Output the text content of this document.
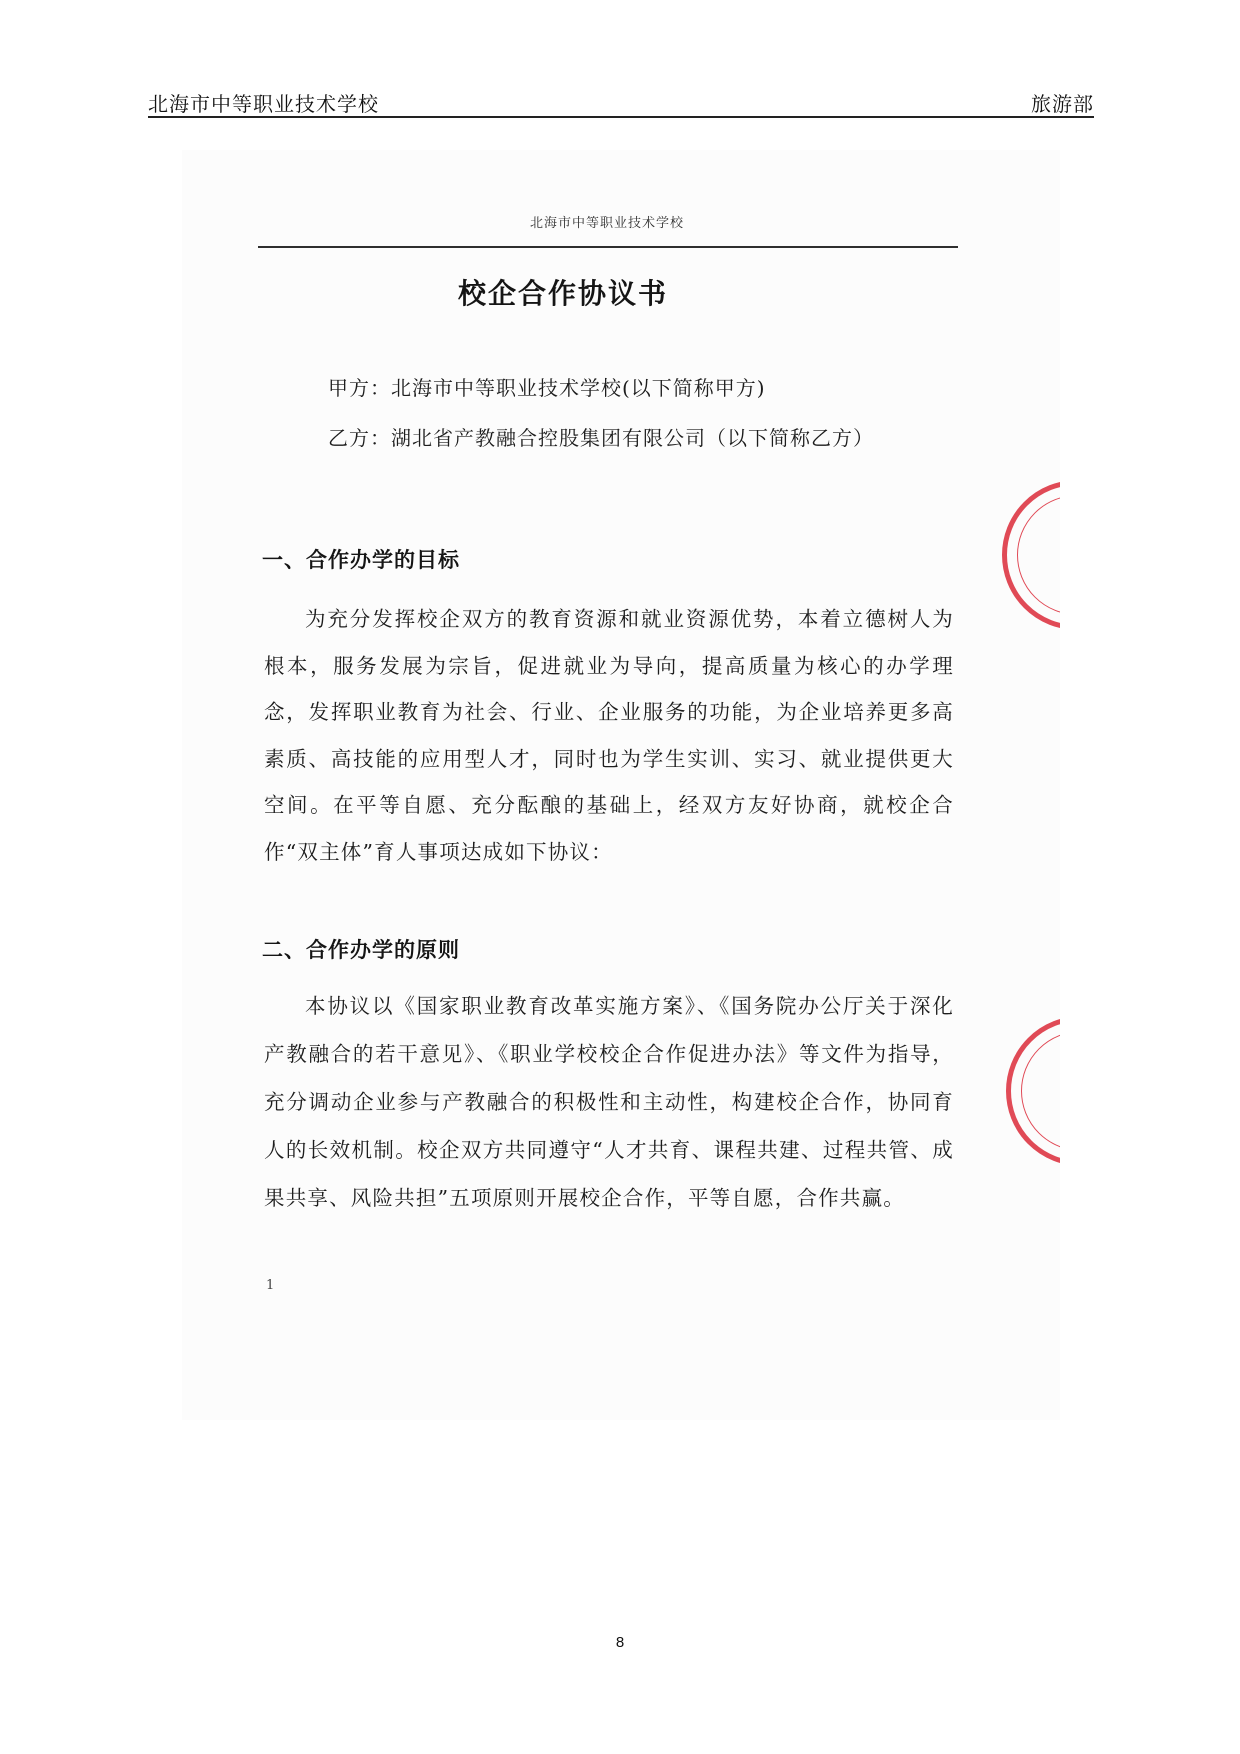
北海市中等职业技术学校	旅游部
北海市中等职业技术学校
校企合作协议书
甲方：北海市中等职业技术学校(以下简称甲方)
乙方：湖北省产教融合控股集团有限公司（以下简称乙方）
一、合作办学的目标
为充分发挥校企双方的教育资源和就业资源优势，本着立德树人为根本，服务发展为宗旨，促进就业为导向，提高质量为核心的办学理念，发挥职业教育为社会、行业、企业服务的功能，为企业培养更多高素质、高技能的应用型人才，同时也为学生实训、实习、就业提供更大空间。在平等自愿、充分酝酿的基础上，经双方友好协商，就校企合作“双主体”育人事项达成如下协议：
二、合作办学的原则
本协议以《国家职业教育改革实施方案》、《国务院办公厅关于深化产教融合的若干意见》、《职业学校校企合作促进办法》等文件为指导，充分调动企业参与产教融合的积极性和主动性，构建校企合作，协同育人的长效机制。校企双方共同遵守“人才共育、课程共建、过程共管、成果共享、风险共担”五项原则开展校企合作，平等自愿，合作共赢。
1
8
